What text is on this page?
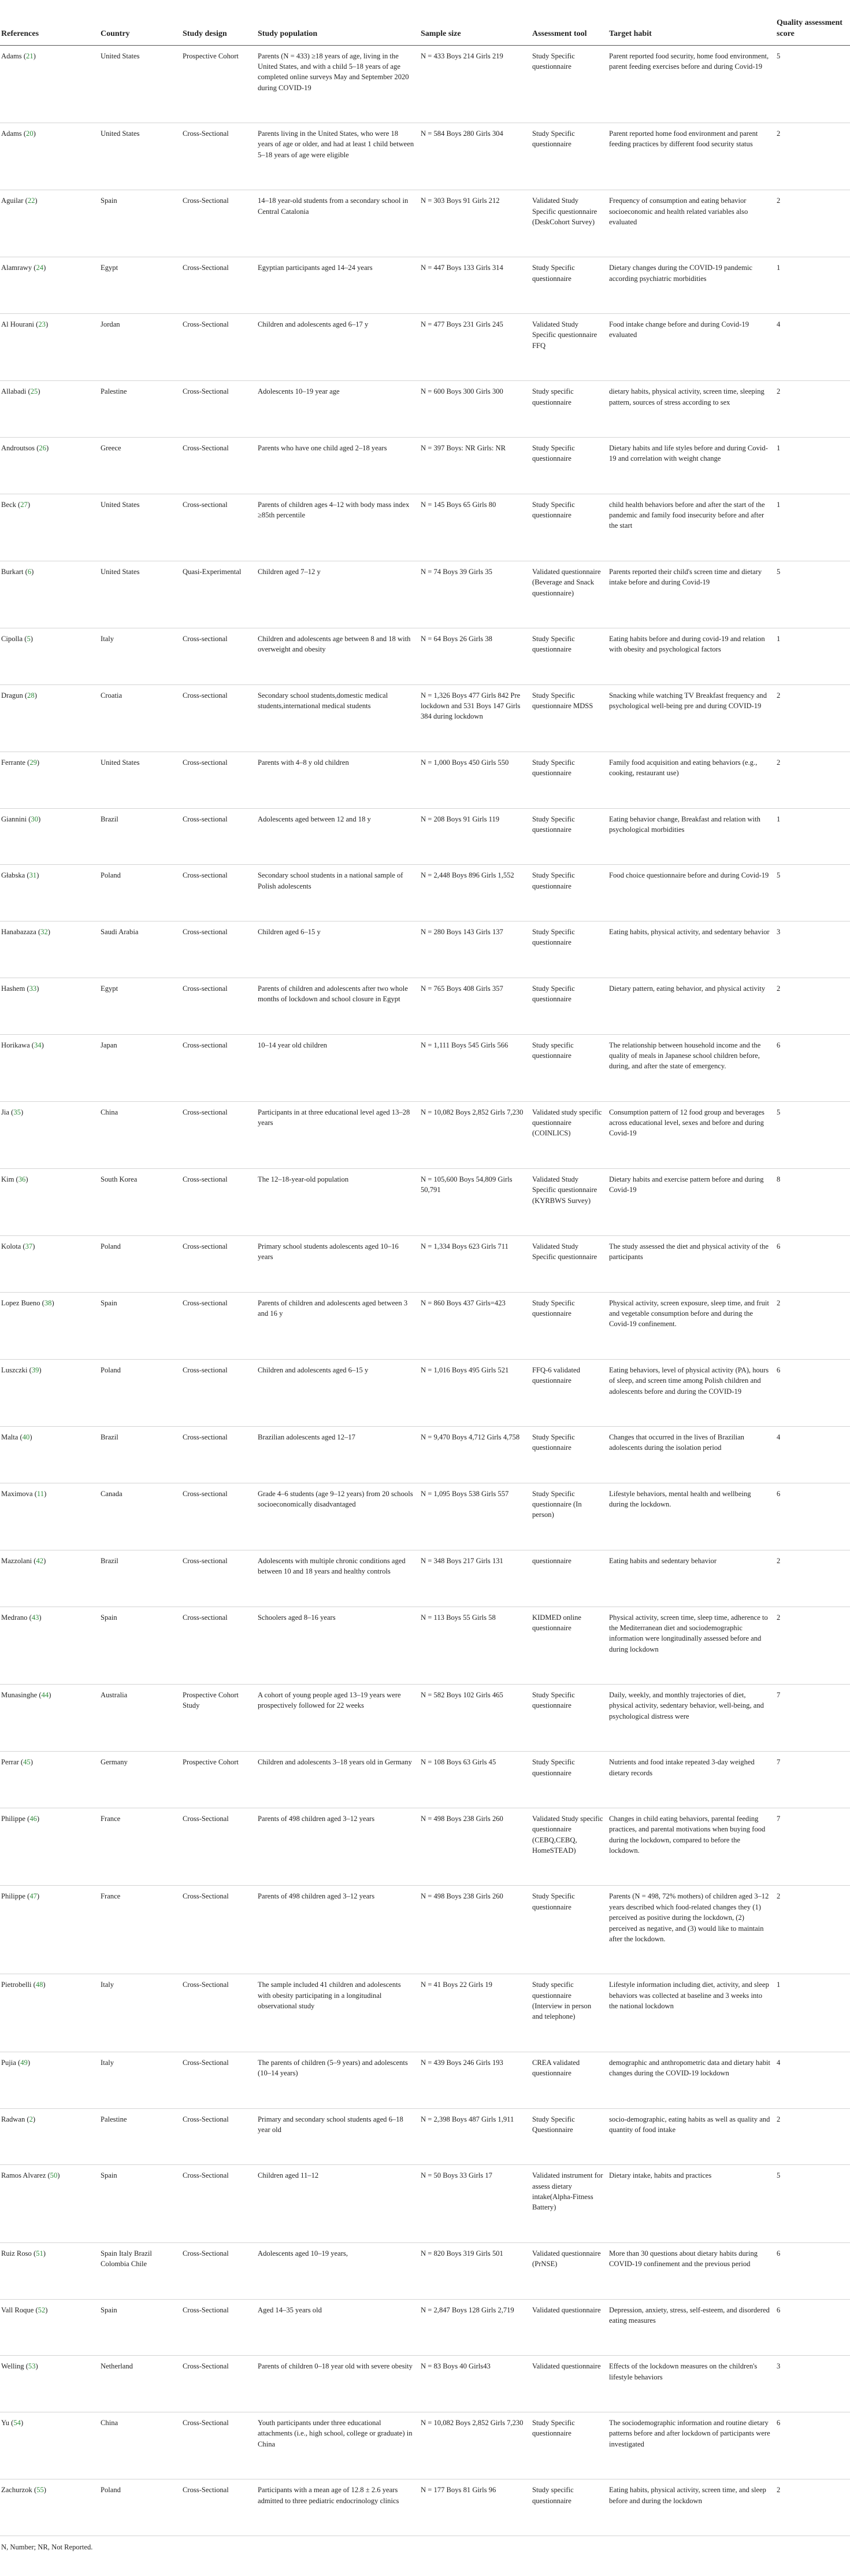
References	Country	Study design	Study population	Sample size	Assessment tool	Target habit	Quality assessment score
Adams (21)	United States	Prospective Cohort	Parents (N = 433) ≥18 years of age, living in the United States, and with a child 5–18 years of age completed online surveys May and September 2020 during COVID-19	N = 433 Boys 214 Girls 219	Study Specific questionnaire	Parent reported food security, home food environment, parent feeding exercises before and during Covid-19	5
Adams (20)	United States	Cross-Sectional	Parents living in the United States, who were 18 years of age or older, and had at least 1 child between 5–18 years of age were eligible	N = 584 Boys 280 Girls 304	Study Specific questionnaire	Parent reported home food environment and parent feeding practices by different food security status	2
Aguilar (22)	Spain	Cross-Sectional	14–18 year-old students from a secondary school in Central Catalonia	N = 303 Boys 91 Girls 212	Validated Study Specific questionnaire (DeskCohort Survey)	Frequency of consumption and eating behavior socioeconomic and health related variables also evaluated	2
Alamrawy (24)	Egypt	Cross-Sectional	Egyptian participants aged 14–24 years	N = 447 Boys 133 Girls 314	Study Specific questionnaire	Dietary changes during the COVID-19 pandemic according psychiatric morbidities	1
Al Hourani (23)	Jordan	Cross-Sectional	Children and adolescents aged 6–17 y	N = 477 Boys 231 Girls 245	Validated Study Specific questionnaire FFQ	Food intake change before and during Covid-19 evaluated	4
Allabadi (25)	Palestine	Cross-Sectional	Adolescents 10–19 year age	N = 600 Boys 300 Girls 300	Study specific questionnaire	dietary habits, physical activity, screen time, sleeping pattern, sources of stress according to sex	2
Androutsos (26)	Greece	Cross-Sectional	Parents who have one child aged 2–18 years	N = 397 Boys: NR Girls: NR	Study Specific questionnaire	Dietary habits and life styles before and during Covid-19 and correlation with weight change	1
Beck (27)	United States	Cross-sectional	Parents of children ages 4–12 with body mass index ≥85th percentile	N = 145 Boys 65 Girls 80	Study Specific questionnaire	child health behaviors before and after the start of the pandemic and family food insecurity before and after the start	1
Burkart (6)	United States	Quasi-Experimental	Children aged 7–12 y	N = 74 Boys 39 Girls 35	Validated questionnaire (Beverage and Snack questionnaire)	Parents reported their child's screen time and dietary intake before and during Covid-19	5
Cipolla (5)	Italy	Cross-sectional	Children and adolescents age between 8 and 18 with overweight and obesity	N = 64 Boys 26 Girls 38	Study Specific questionnaire	Eating habits before and during covid-19 and relation with obesity and psychological factors	1
Dragun (28)	Croatia	Cross-sectional	Secondary school students,domestic medical students,international medical students	N = 1,326 Boys 477 Girls 842 Pre lockdown and 531 Boys 147 Girls 384 during lockdown	Study Specific questionnaire MDSS	Snacking while watching TV Breakfast frequency and psychological well-being pre and during COVID-19	2
Ferrante (29)	United States	Cross-sectional	Parents with 4–8 y old children	N = 1,000 Boys 450 Girls 550	Study Specific questionnaire	Family food acquisition and eating behaviors (e.g., cooking, restaurant use)	2
Giannini (30)	Brazil	Cross-sectional	Adolescents aged between 12 and 18 y	N = 208 Boys 91 Girls 119	Study Specific questionnaire	Eating behavior change, Breakfast and relation with psychological morbidities	1
Głabska (31)	Poland	Cross-sectional	Secondary school students in a national sample of Polish adolescents	N = 2,448 Boys 896 Girls 1,552	Study Specific questionnaire	Food choice questionnaire before and during Covid-19	5
Hanabazaza (32)	Saudi Arabia	Cross-sectional	Children aged 6–15 y	N = 280 Boys 143 Girls 137	Study Specific questionnaire	Eating habits, physical activity, and sedentary behavior	3
Hashem (33)	Egypt	Cross-sectional	Parents of children and adolescents after two whole months of lockdown and school closure in Egypt	N = 765 Boys 408 Girls 357	Study Specific questionnaire	Dietary pattern, eating behavior, and physical activity	2
Horikawa (34)	Japan	Cross-sectional	10–14 year old children	N = 1,111 Boys 545 Girls 566	Study specific questionnaire	The relationship between household income and the quality of meals in Japanese school children before, during, and after the state of emergency.	6
Jia (35)	China	Cross-sectional	Participants in at three educational level aged 13–28 years	N = 10,082 Boys 2,852 Girls 7,230	Validated study specific questionnaire (COINLICS)	Consumption pattern of 12 food group and beverages across educational level, sexes and before and during Covid-19	5
Kim (36)	South Korea	Cross-sectional	The 12–18-year-old population	N = 105,600 Boys 54,809 Girls 50,791	Validated Study Specific questionnaire (KYRBWS Survey)	Dietary habits and exercise pattern before and during Covid-19	8
Kolota (37)	Poland	Cross-sectional	Primary school students adolescents aged 10–16 years	N = 1,334 Boys 623 Girls 711	Validated Study Specific questionnaire	The study assessed the diet and physical activity of the participants	6
Lopez Bueno (38)	Spain	Cross-sectional	Parents of children and adolescents aged between 3 and 16 y	N = 860 Boys 437 Girls=423	Study Specific questionnaire	Physical activity, screen exposure, sleep time, and fruit and vegetable consumption before and during the Covid-19 confinement.	2
Luszczki (39)	Poland	Cross-sectional	Children and adolescents aged 6–15 y	N = 1,016 Boys 495 Girls 521	FFQ-6 validated questionnaire	Eating behaviors, level of physical activity (PA), hours of sleep, and screen time among Polish children and adolescents before and during the COVID-19	6
Malta (40)	Brazil	Cross-sectional	Brazilian adolescents aged 12–17	N = 9,470 Boys 4,712 Girls 4,758	Study Specific questionnaire	Changes that occurred in the lives of Brazilian adolescents during the isolation period	4
Maximova (11)	Canada	Cross-sectional	Grade 4–6 students (age 9–12 years) from 20 schools socioeconomically disadvantaged	N = 1,095 Boys 538 Girls 557	Study Specific questionnaire (In person)	Lifestyle behaviors, mental health and wellbeing during the lockdown.	6
Mazzolani (42)	Brazil	Cross-sectional	Adolescents with multiple chronic conditions aged between 10 and 18 years and healthy controls	N = 348 Boys 217 Girls 131	questionnaire	Eating habits and sedentary behavior	2
Medrano (43)	Spain	Cross-sectional	Schoolers aged 8–16 years	N = 113 Boys 55 Girls 58	KIDMED online questionnaire	Physical activity, screen time, sleep time, adherence to the Mediterranean diet and sociodemographic information were longitudinally assessed before and during lockdown	2
Munasinghe (44)	Australia	Prospective Cohort Study	A cohort of young people aged 13–19 years were prospectively followed for 22 weeks	N = 582 Boys 102 Girls 465	Study Specific questionnaire	Daily, weekly, and monthly trajectories of diet, physical activity, sedentary behavior, well-being, and psychological distress were	7
Perrar (45)	Germany	Prospective Cohort	Children and adolescents 3–18 years old in Germany	N = 108 Boys 63 Girls 45	Study Specific questionnaire	Nutrients and food intake repeated 3-day weighed dietary records	7
Philippe (46)	France	Cross-Sectional	Parents of 498 children aged 3–12 years	N = 498 Boys 238 Girls 260	Validated Study specific questionnaire (CEBQ,CEBQ, HomeSTEAD)	Changes in child eating behaviors, parental feeding practices, and parental motivations when buying food during the lockdown, compared to before the lockdown.	7
Philippe (47)	France	Cross-Sectional	Parents of 498 children aged 3–12 years	N = 498 Boys 238 Girls 260	Study Specific questionnaire	Parents (N = 498, 72% mothers) of children aged 3–12 years described which food-related changes they (1) perceived as positive during the lockdown, (2) perceived as negative, and (3) would like to maintain after the lockdown.	2
Pietrobelli (48)	Italy	Cross-Sectional	The sample included 41 children and adolescents with obesity participating in a longitudinal observational study	N = 41 Boys 22 Girls 19	Study specific questionnaire (Interview in person and telephone)	Lifestyle information including diet, activity, and sleep behaviors was collected at baseline and 3 weeks into the national lockdown	1
Pujia (49)	Italy	Cross-Sectional	The parents of children (5–9 years) and adolescents (10–14 years)	N = 439 Boys 246 Girls 193	CREA validated questionnaire	demographic and anthropometric data and dietary habit changes during the COVID-19 lockdown	4
Radwan (2)	Palestine	Cross-Sectional	Primary and secondary school students aged 6–18 year old	N = 2,398 Boys 487 Girls 1,911	Study Specific Questionnaire	socio-demographic, eating habits as well as quality and quantity of food intake	2
Ramos Alvarez (50)	Spain	Cross-Sectional	Children aged 11–12	N = 50 Boys 33 Girls 17	Validated instrument for assess dietary intake(Alpha-Fitness Battery)	Dietary intake, habits and practices	5
Ruiz Roso (51)	Spain Italy Brazil Colombia Chile	Cross-Sectional	Adolescents aged 10–19 years,	N = 820 Boys 319 Girls 501	Validated questionnaire (PrNSE)	More than 30 questions about dietary habits during COVID-19 confinement and the previous period	6
Vall Roque (52)	Spain	Cross-Sectional	Aged 14–35 years old	N = 2,847 Boys 128 Girls 2,719	Validated questionnaire	Depression, anxiety, stress, self-esteem, and disordered eating measures	6
Welling (53)	Netherland	Cross-Sectional	Parents of children 0–18 year old with severe obesity	N = 83 Boys 40 Girls43	Validated questionnaire	Effects of the lockdown measures on the children's lifestyle behaviors	3
Yu (54)	China	Cross-Sectional	Youth participants under three educational attachments (i.e., high school, college or graduate) in China	N = 10,082 Boys 2,852 Girls 7,230	Study Specific questionnaire	The sociodemographic information and routine dietary patterns before and after lockdown of participants were investigated	6
Zachurzok (55)	Poland	Cross-Sectional	Participants with a mean age of 12.8 ± 2.6 years admitted to three pediatric endocrinology clinics	N = 177 Boys 81 Girls 96	Study specific questionnaire	Eating habits, physical activity, screen time, and sleep before and during the lockdown	2
N, Number; NR, Not Reported.
